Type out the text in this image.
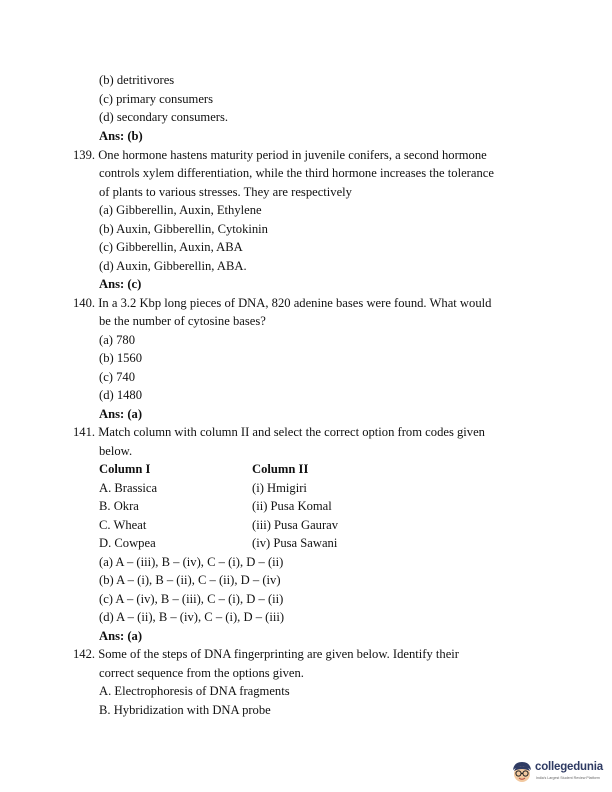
(b) detritivores
(c) primary consumers
(d) secondary consumers.
Ans: (b)
139. One hormone hastens maturity period in juvenile conifers, a second hormone
controls xylem differentiation, while the third hormone increases the tolerance
of plants to various stresses. They are respectively
(a) Gibberellin, Auxin, Ethylene
(b) Auxin, Gibberellin, Cytokinin
(c) Gibberellin, Auxin, ABA
(d) Auxin, Gibberellin, ABA.
Ans: (c)
140. In a 3.2 Kbp long pieces of DNA, 820 adenine bases were found. What would
be the number of cytosine bases?
(a) 780
(b) 1560
(c) 740
(d) 1480
Ans: (a)
141. Match column with column II and select the correct option from codes given
below.
Column I	Column II
A. Brassica	(i) Hmigiri
B. Okra	(ii) Pusa Komal
C. Wheat	(iii) Pusa Gaurav
D. Cowpea	(iv) Pusa Sawani
(a) A – (iii), B – (iv), C – (i), D – (ii)
(b) A – (i), B – (ii), C – (ii), D – (iv)
(c) A – (iv), B – (iii), C – (i), D – (ii)
(d) A – (ii), B – (iv), C – (i), D – (iii)
Ans: (a)
142. Some of the steps of DNA fingerprinting are given below. Identify their
correct sequence from the options given.
A. Electrophoresis of DNA fragments
B. Hybridization with DNA probe
collegedunia
India's Largest Student Review Platform
